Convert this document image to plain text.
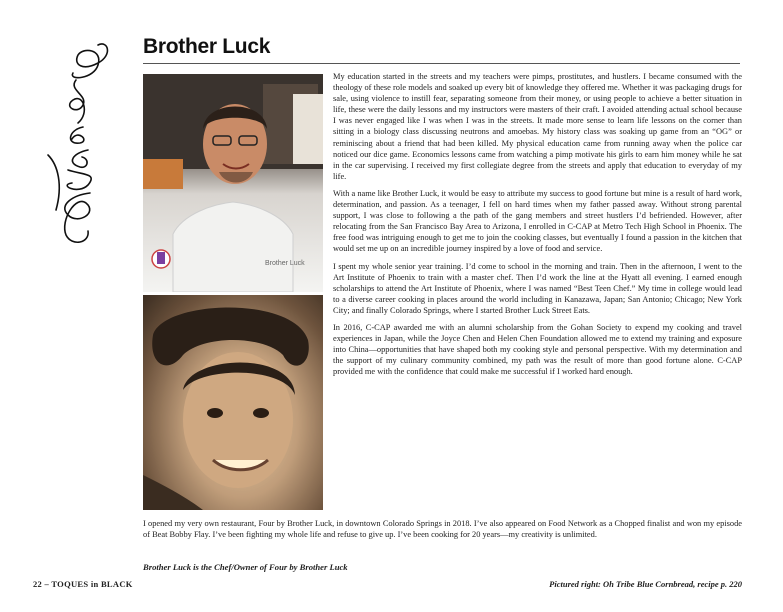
Brother Luck
Brother Luck

My education started in the streets and my teachers were pimps, prostitutes, and hustlers. I became consumed with the theology of these role models and soaked up every bit of knowledge they offered me. Whether it was packaging drugs for sale, using violence to instill fear, separating someone from their money, or using people to achieve a better situation in life, these were the daily lessons and my instructors were masters of their craft. I avoided attending actual school because I was never engaged like I was when I was in the streets. It made more sense to learn life lessons on the corner than sitting in a biology class discussing neutrons and amoebas. My history class was soaking up game from an “OG” or reminiscing about a friend that had been killed. My physical education came from running away when the police car noticed our dice game. Economics lessons came from watching a pimp motivate his girls to earn him money while he sat in the car supervising. I received my first collegiate degree from the streets and apply that education to everyday of my life.

With a name like Brother Luck, it would be easy to attribute my success to good fortune but mine is a result of hard work, determination, and passion. As a teenager, I fell on hard times when my father passed away. Without strong parental support, I was close to following a the path of the gang members and street hustlers I’d befriended. However, after relocating from the San Francisco Bay Area to Arizona, I enrolled in C-CAP at Metro Tech High School in Phoenix. The free food was intriguing enough to get me to join the cooking classes, but eventually I found a passion in the kitchen that would set me up on an incredible journey inspired by a love of food and service.

I spent my whole senior year training. I’d come to school in the morning and train. Then in the afternoon, I went to the Art Institute of Phoenix to train with a master chef. Then I’d work the line at the Hyatt all evening. I earned enough scholarships to attend the Art Institute of Phoenix, where I was named “Best Teen Chef.” My time in college would lead to a diverse career cooking in places around the world including in Kanazawa, Japan; San Antonio; Chicago; New York City; and finally Colorado Springs, where I started Brother Luck Street Eats.

In 2016, C-CAP awarded me with an alumni scholarship from the Gohan Society to expend my cooking and travel experiences in Japan, while the Joyce Chen and Helen Chen Foundation allowed me to extend my training and exposure into China—opportunities that have shaped both my cooking style and personal perspective. With my determination and the support of my culinary community combined, my path was the result of more than good fortune alone. C-CAP provided me with the confidence that could make me successful if I worked hard enough.

I opened my very own restaurant, Four by Brother Luck, in downtown Colorado Springs in 2018. I’ve also appeared on Food Network as a Chopped finalist and won my episode of Beat Bobby Flay. I’ve been fighting my whole life and refuse to give up. I’ve been cooking for 20 years—my creativity is unlimited.

Brother Luck is the Chef/Owner of Four by Brother Luck
22 – TOQUES in BLACK	Pictured right: Oh Tribe Blue Cornbread, recipe p. 220
